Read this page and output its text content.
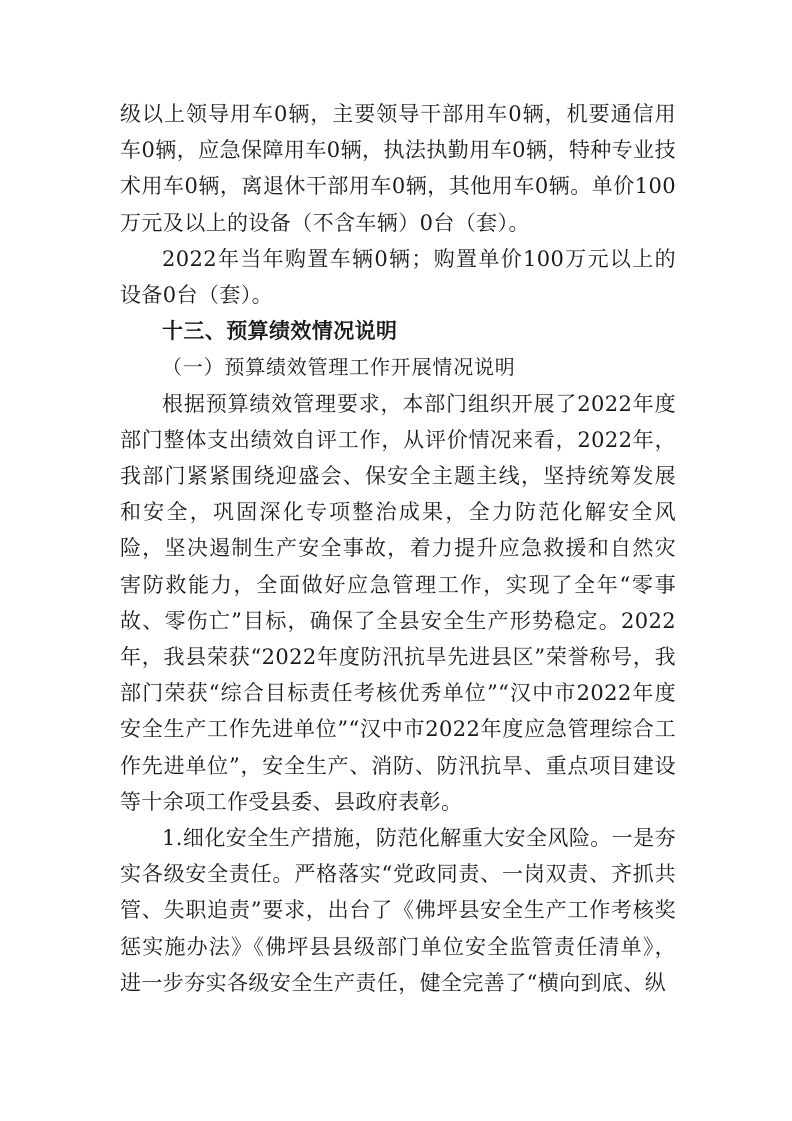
级以上领导用车0辆，主要领导干部用车0辆，机要通信用车0辆，应急保障用车0辆，执法执勤用车0辆，特种专业技术用车0辆，离退休干部用车0辆，其他用车0辆。单价100万元及以上的设备（不含车辆）0台（套）。

2022年当年购置车辆0辆；购置单价100万元以上的设备0台（套）。

十三、预算绩效情况说明

（一）预算绩效管理工作开展情况说明

根据预算绩效管理要求，本部门组织开展了2022年度部门整体支出绩效自评工作，从评价情况来看，2022年，我部门紧紧围绕迎盛会、保安全主题主线，坚持统筹发展和安全，巩固深化专项整治成果，全力防范化解安全风险，坚决遏制生产安全事故，着力提升应急救援和自然灾害防救能力，全面做好应急管理工作，实现了全年“零事故、零伤亡”目标，确保了全县安全生产形势稳定。2022年，我县荣获“2022年度防汛抗旱先进县区”荣誉称号，我部门荣获“综合目标责任考核优秀单位”“汉中市2022年度安全生产工作先进单位”“汉中市2022年度应急管理综合工作先进单位”，安全生产、消防、防汛抗旱、重点项目建设等十余项工作受县委、县政府表彰。

1.细化安全生产措施，防范化解重大安全风险。一是夯实各级安全责任。严格落实“党政同责、一岗双责、齐抓共管、失职追责”要求，出台了《佛坪县安全生产工作考核奖惩实施办法》《佛坪县县级部门单位安全监管责任清单》，进一步夯实各级安全生产责任，健全完善了“横向到底、纵
